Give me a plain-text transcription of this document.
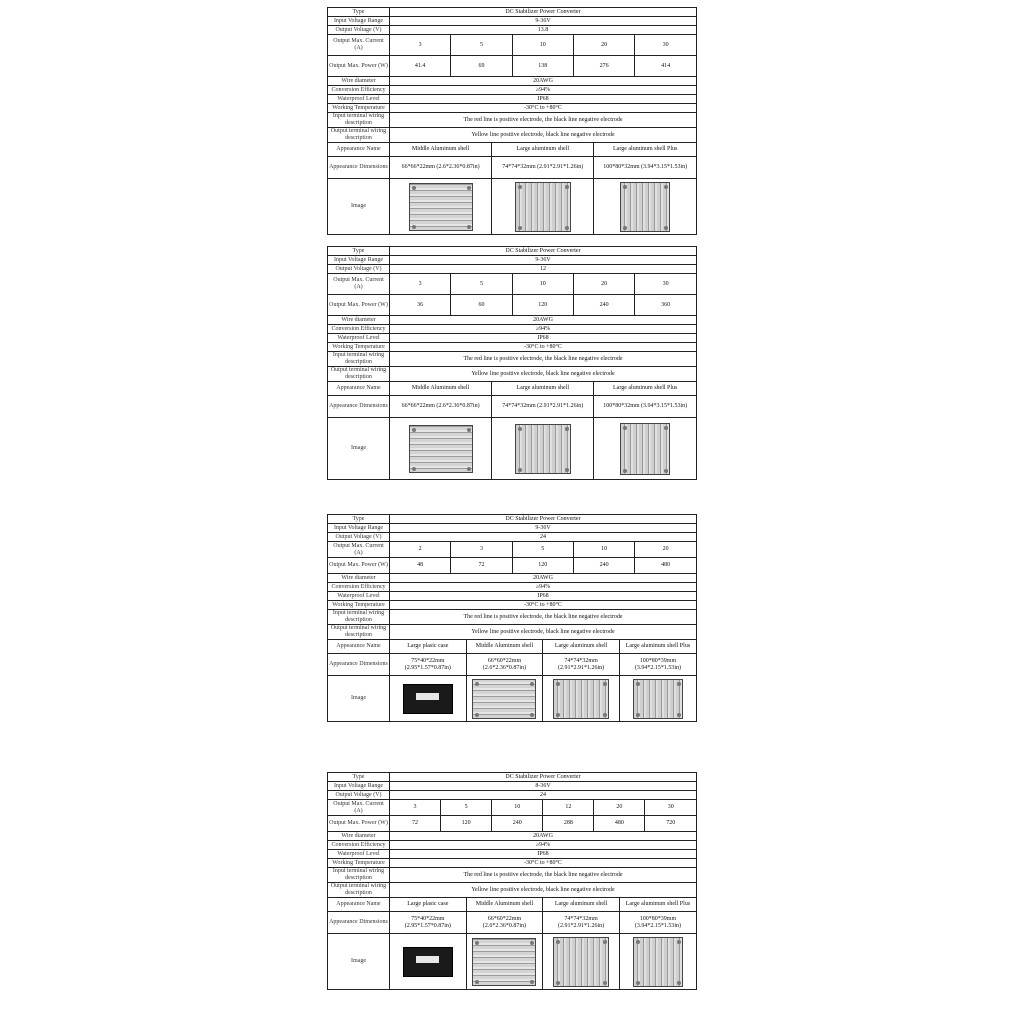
Type	DC Stabilizer Power Converter						
Input Voltage Range	9-36V						
Output Voltage (V)	13.8						
Output Max. Current (A)	3	5		10	20		30
Output Max. Power (W)	41.4	69		138	276		414
Wire diameter	20AWG						
Conversion Efficiency	≥94%						
Waterproof Level	IP68						
Working Temperature	-30°C to +80°C						
Input terminal wiring description	The red line is positive electrode, the black line negative electrode						
Output terminal wiring description	Yellow line positive electrode, black line negative electrode						
Appearance Name	Middle Aluminum shell		Large aluminum shell			Large aluminum shell Plus	
Appearance Dimensions	66*66*22mm (2.6*2.36*0.87in)		74*74*32mm (2.91*2.91*1.26in)			100*80*32mm (3.94*3.15*1.53in)	
Image					

Type	DC Stabilizer Power Converter						
Input Voltage Range	9-36V						
Output Voltage (V)	12						
Output Max. Current (A)	3	5		10	20		30
Output Max. Power (W)	36	60		120	240		360
Wire diameter	20AWG						
Conversion Efficiency	≥94%						
Waterproof Level	IP68						
Working Temperature	-30°C to +80°C						
Input terminal wiring description	The red line is positive electrode, the black line negative electrode						
Output terminal wiring description	Yellow line positive electrode, black line negative electrode						
Appearance Name	Middle Aluminum shell		Large aluminum shell			Large aluminum shell Plus	
Appearance Dimensions	66*66*22mm (2.6*2.36*0.87in)		74*74*32mm (2.91*2.91*1.26in)			100*80*32mm (3.94*3.15*1.53in)	
Image					

Type	DC Stabilizer Power Converter							
Input Voltage Range	9-36V							
Output Voltage (V)	24							
Output Max. Current (A)	2	3		5		10		20
Output Max. Power (W)	48	72		120		240		480
Wire diameter	20AWG							
Conversion Efficiency	≥94%							
Waterproof Level	IP68							
Working Temperature	-30°C to +80°C							
Input terminal wiring description	The red line is positive electrode, the black line negative electrode							
Output terminal wiring description	Yellow line positive electrode, black line negative electrode							
Appearance Name	Large plasic case		Middle Aluminum shell		Large aluminum shell		Large aluminum shell Plus	
Appearance Dimensions	75*40*22mm (2.95*1.57*0.87in)		66*60*22mm (2.6*2.36*0.87in)		74*74*32mm (2.91*2.91*1.26in)		100*80*39mm (3.94*2.15*1.53in)	
Image					

Type	DC Stabilizer Power Converter							
Input Voltage Range	8-36V							
Output Voltage (V)	24							
Output Max. Current (A)	3	5		10	12	20		30
Output Max. Power (W)	72	120		240	288	480		720
Wire diameter	20AWG							
Conversion Efficiency	≥94%							
Waterproof Level	IP68							
Working Temperature	-30°C to +80°C							
Input terminal wiring description	The red line is positive electrode, the black line negative electrode							
Output terminal wiring description	Yellow line positive electrode, black line negative electrode							
Appearance Name	Large plasic case		Middle Aluminum shell		Large aluminum shell		Large aluminum shell Plus	
Appearance Dimensions	75*40*22mm (2.95*1.57*0.87in)		66*60*22mm (2.6*2.36*0.87in)		74*74*32mm (2.91*2.91*1.26in)		100*80*39mm (3.94*2.15*1.53in)	
Image					
